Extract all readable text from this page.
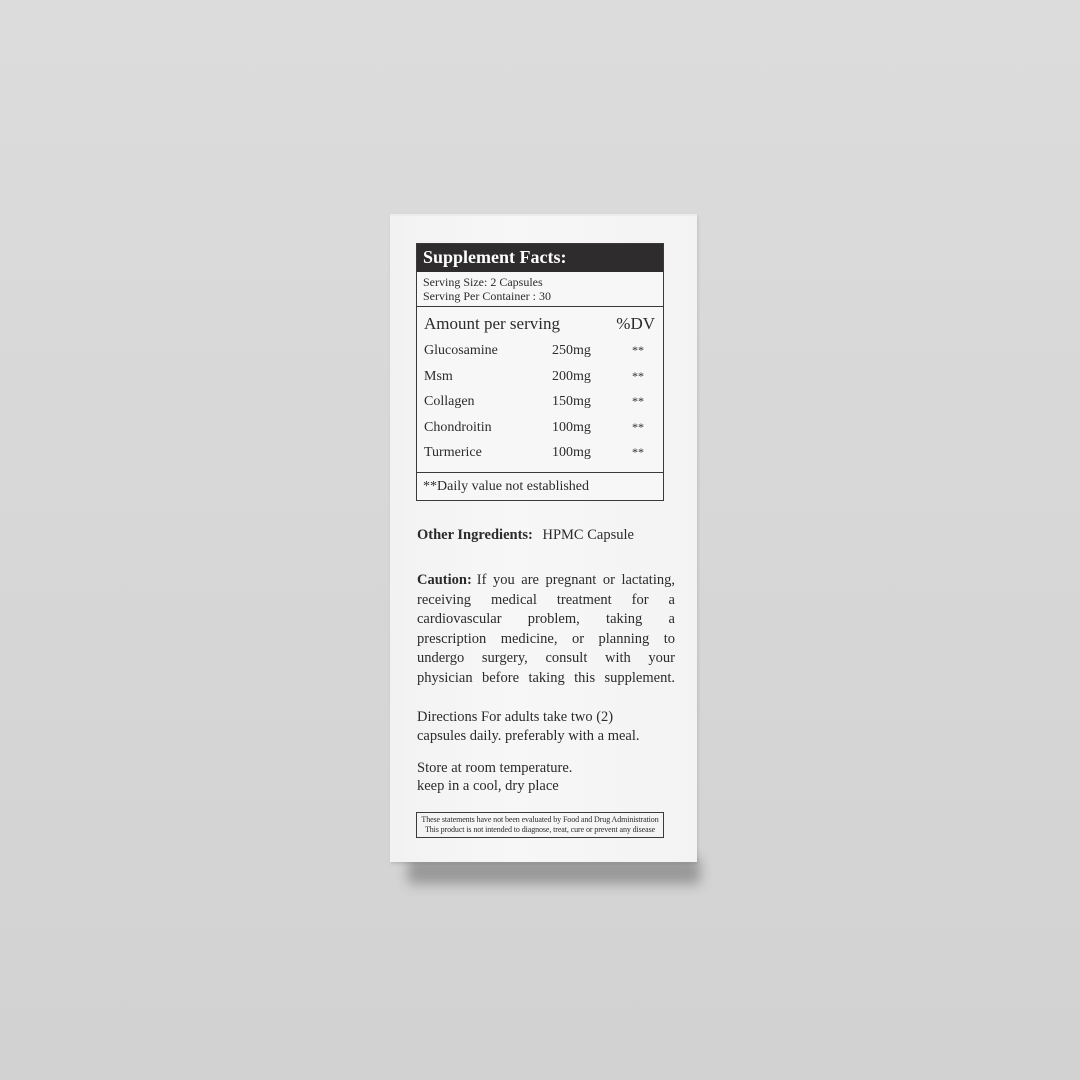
Supplement Facts:
Serving Size: 2 Capsules
Serving Per Container : 30
Amount per serving	%DV
Glucosamine	250mg	**
Msm	200mg	**
Collagen	150mg	**
Chondroitin	100mg	**
Turmerice	100mg	**
**Daily value not established
Other Ingredients: HPMC Capsule
Caution: If you are pregnant or lactating,
receiving medical treatment for a
cardiovascular problem, taking a
prescription medicine, or planning to
undergo surgery, consult with your
physician before taking this supplement.
Directions For adults take two (2)
capsules daily. preferably with a meal.
Store at room temperature.
keep in a cool, dry place
These statements have not been evaluated by Food and Drug Administration
This product is not intended to diagnose, treat, cure or prevent any disease
